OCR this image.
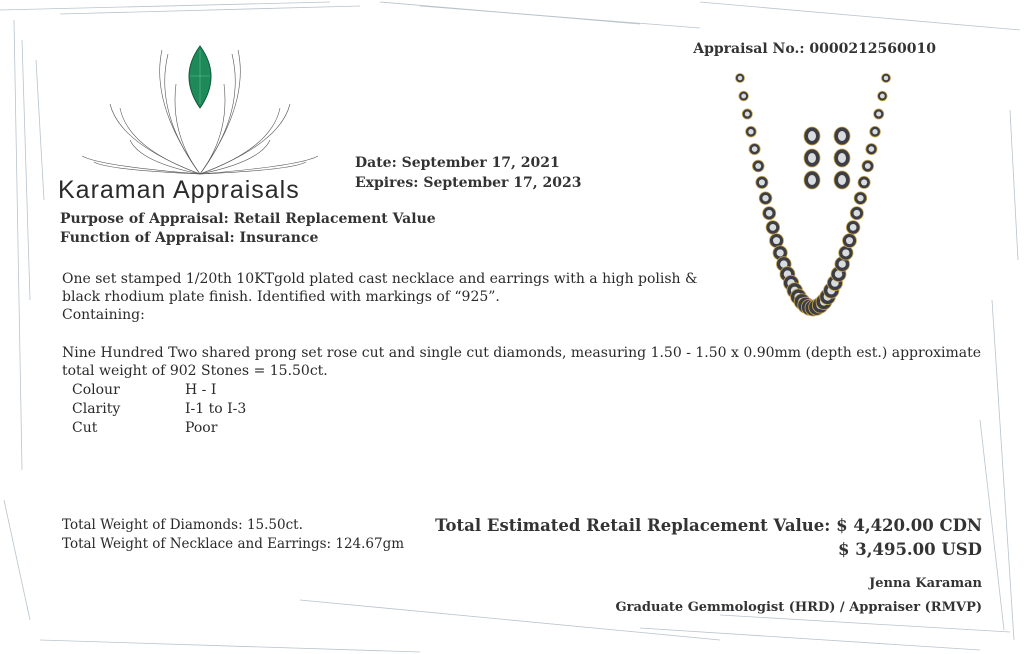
Karaman Appraisals
Appraisal No.: 0000212560010
Date: September 17, 2021
Expires: September 17, 2023
Purpose of Appraisal: Retail Replacement Value
Function of Appraisal: Insurance
One set stamped 1/20th 10KTgold plated cast necklace and earrings with a high polish & black rhodium plate finish. Identified with markings of “925”.
Containing:
Nine Hundred Two shared prong set rose cut and single cut diamonds, measuring 1.50 - 1.50 x 0.90mm (depth est.) approximate total weight of 902 Stones = 15.50ct.
Colour	H - I
Clarity	I-1 to I-3
Cut	Poor
Total Weight of Diamonds: 15.50ct.
Total Weight of Necklace and Earrings: 124.67gm
Total Estimated Retail Replacement Value: $ 4,420.00 CDN
$ 3,495.00 USD
Jenna Karaman
Graduate Gemmologist (HRD) / Appraiser (RMVP)
